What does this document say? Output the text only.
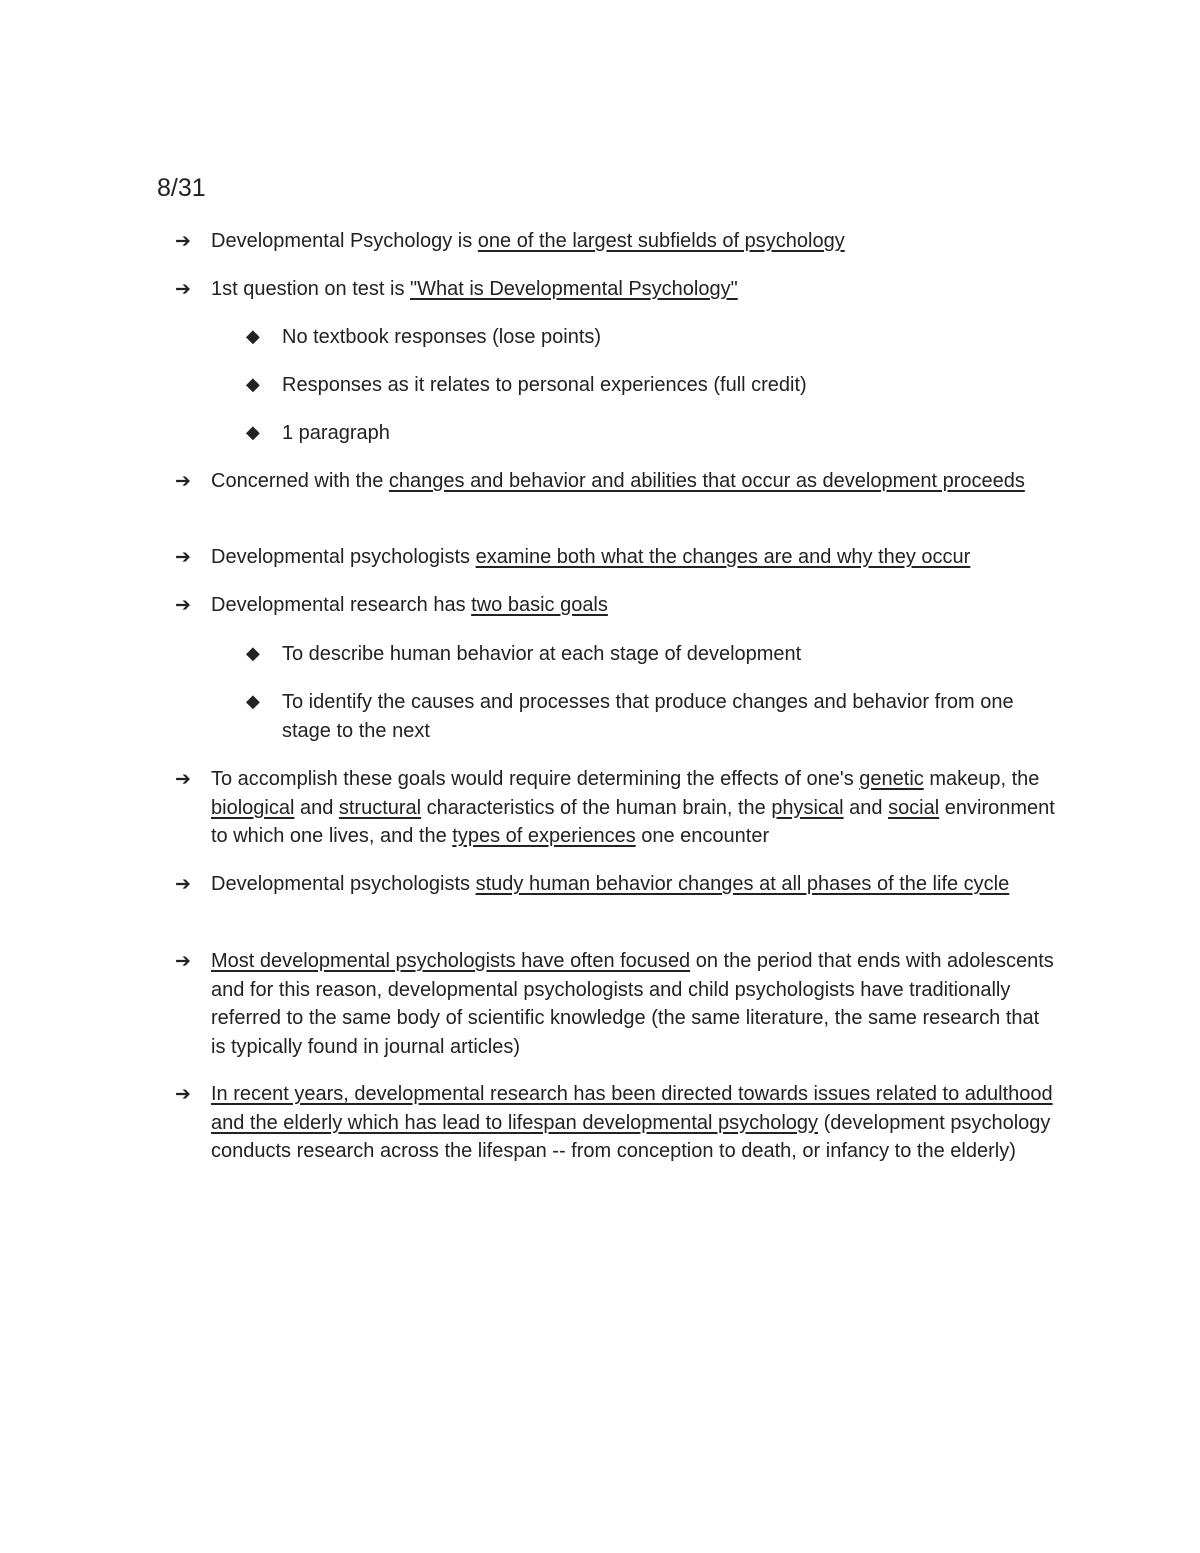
8/31
➔	Developmental Psychology is one of the largest subfields of psychology
➔	1st question on test is "What is Developmental Psychology"
◆	No textbook responses (lose points)
◆	Responses as it relates to personal experiences (full credit)
◆	1 paragraph
➔	Concerned with the changes and behavior and abilities that occur as development proceeds
➔	Developmental psychologists examine both what the changes are and why they occur
➔	Developmental research has two basic goals
◆	To describe human behavior at each stage of development
◆	To identify the causes and processes that produce changes and behavior from one stage to the next
➔	To accomplish these goals would require determining the effects of one's genetic makeup, the biological and structural characteristics of the human brain, the physical and social environment to which one lives, and the types of experiences one encounter
➔	Developmental psychologists study human behavior changes at all phases of the life cycle
➔	Most developmental psychologists have often focused on the period that ends with adolescents and for this reason, developmental psychologists and child psychologists have traditionally referred to the same body of scientific knowledge (the same literature, the same research that is typically found in journal articles)
➔	In recent years, developmental research has been directed towards issues related to adulthood and the elderly which has lead to lifespan developmental psychology (development psychology conducts research across the lifespan -- from conception to death, or infancy to the elderly)
